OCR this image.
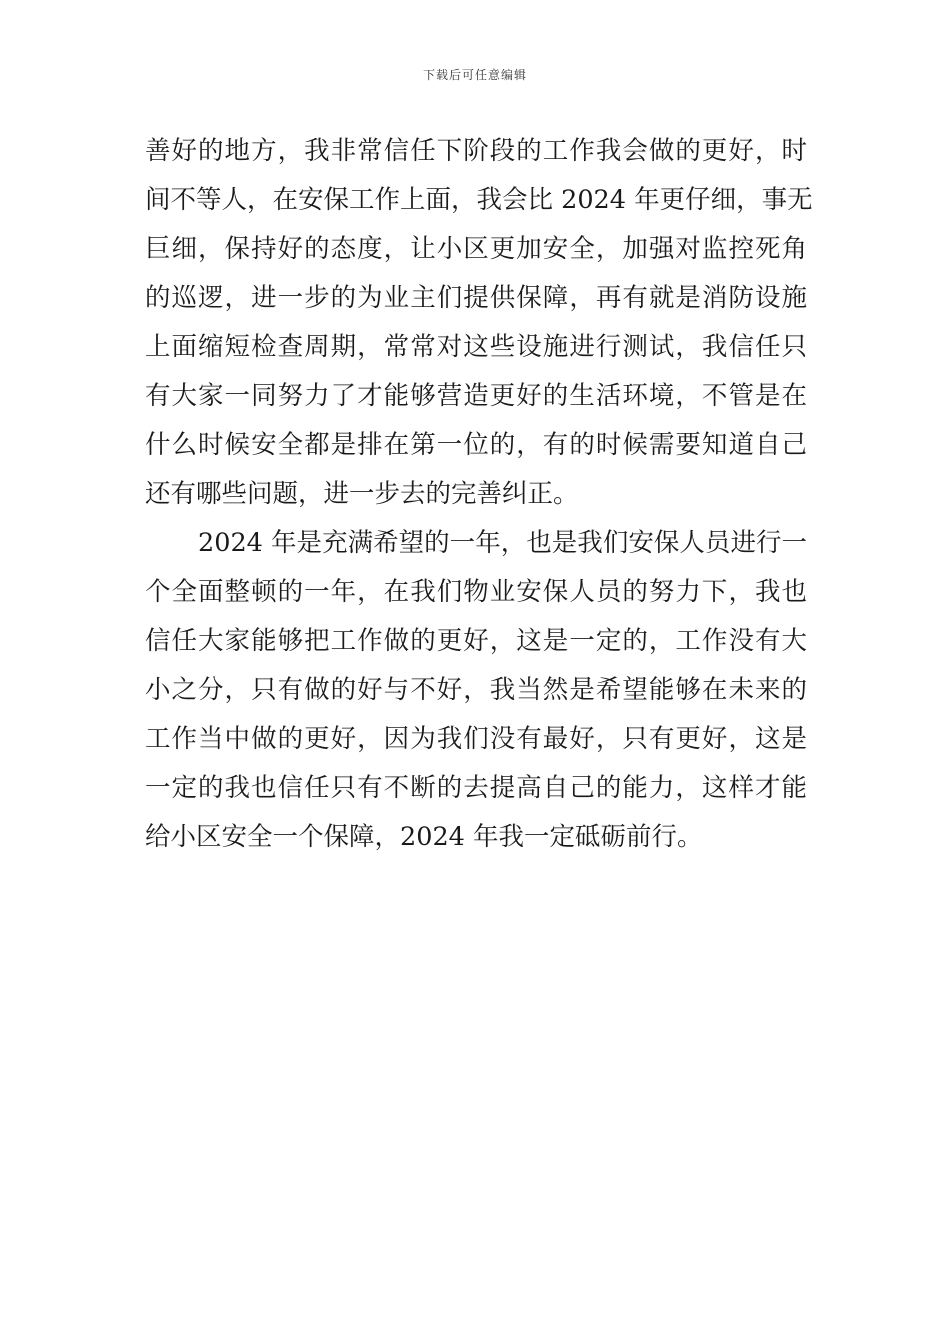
下载后可任意编辑

善好的地方，我非常信任下阶段的工作我会做的更好，时
间不等人，在安保工作上面，我会比 2024 年更仔细，事无
巨细，保持好的态度，让小区更加安全，加强对监控死角
的巡逻，进一步的为业主们提供保障，再有就是消防设施
上面缩短检查周期，常常对这些设施进行测试，我信任只
有大家一同努力了才能够营造更好的生活环境，不管是在
什么时候安全都是排在第一位的，有的时候需要知道自己
还有哪些问题，进一步去的完善纠正。

2024 年是充满希望的一年，也是我们安保人员进行一
个全面整顿的一年，在我们物业安保人员的努力下，我也
信任大家能够把工作做的更好，这是一定的，工作没有大
小之分，只有做的好与不好，我当然是希望能够在未来的
工作当中做的更好，因为我们没有最好，只有更好，这是
一定的我也信任只有不断的去提高自己的能力，这样才能
给小区安全一个保障，2024 年我一定砥砺前行。
